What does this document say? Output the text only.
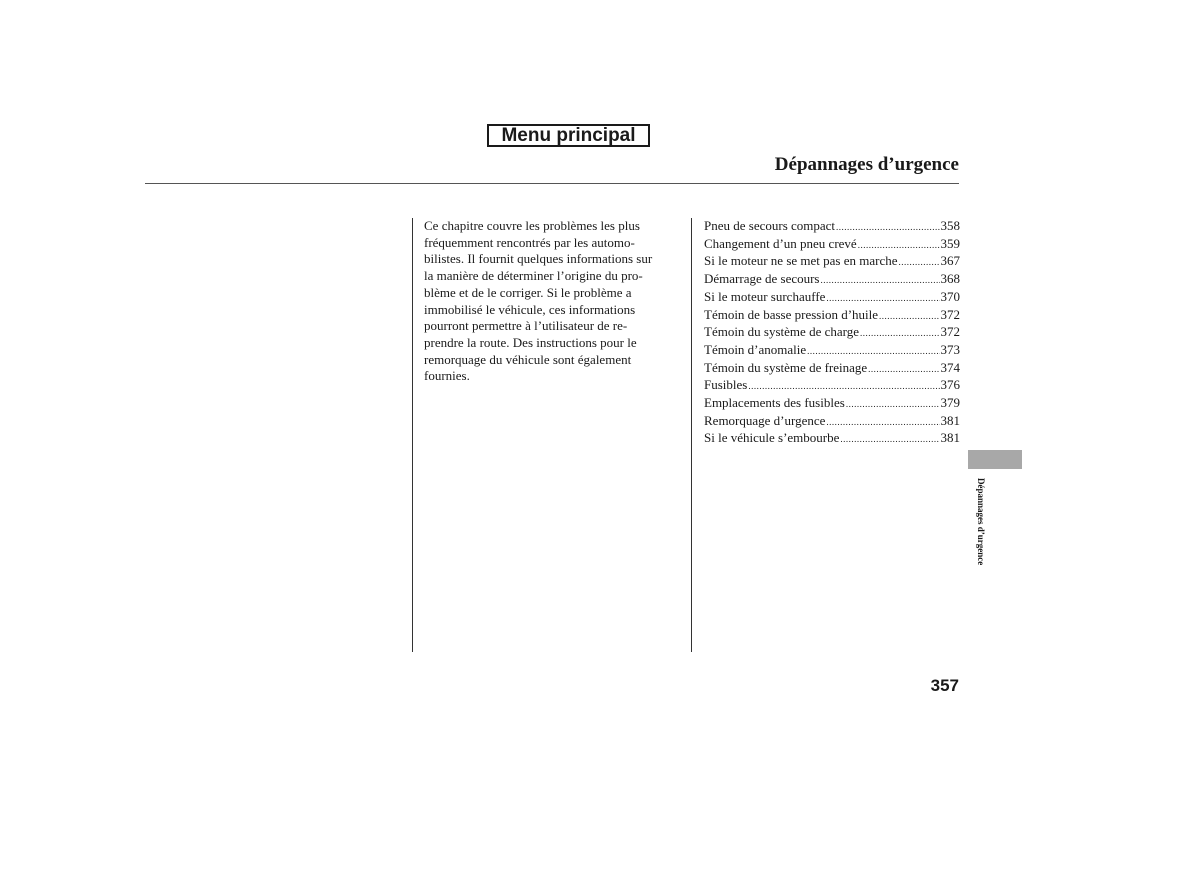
Menu principal
Dépannages d’urgence
Ce chapitre couvre les problèmes les plus
fréquemment rencontrés par les automo-
bilistes. Il fournit quelques informations sur
la manière de déterminer l’origine du pro-
blème et de le corriger. Si le problème a
immobilisé le véhicule, ces informations
pourront permettre à l’utilisateur de re-
prendre la route. Des instructions pour le
remorquage du véhicule sont également
fournies.
Pneu de secours compact .....	358
Changement d’un pneu crevé .....	359
Si le moteur ne se met pas en marche .....	367
Démarrage de secours .....	368
Si le moteur surchauffe .....	370
Témoin de basse pression d’huile .....	372
Témoin du système de charge .....	372
Témoin d’anomalie .....	373
Témoin du système de freinage .....	374
Fusibles .....	376
Emplacements des fusibles .....	379
Remorquage d’urgence .....	381
Si le véhicule s’embourbe .....	381
Dépannages d’urgence
357
